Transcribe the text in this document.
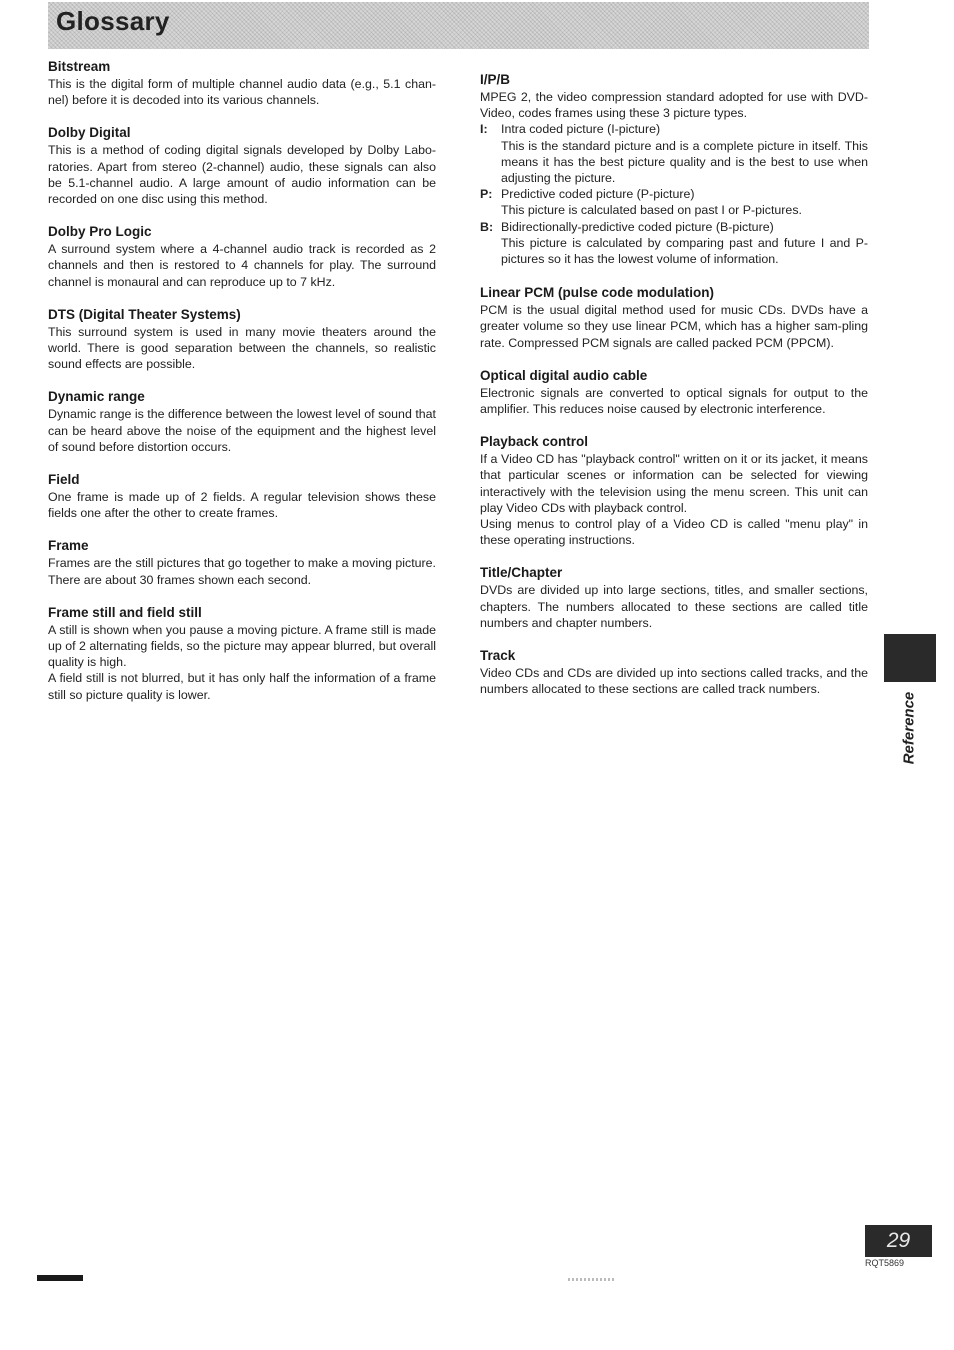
Glossary
Bitstream

This is the digital form of multiple channel audio data (e.g., 5.1 chan-nel) before it is decoded into its various channels.

Dolby Digital

This is a method of coding digital signals developed by Dolby Labo-ratories. Apart from stereo (2-channel) audio, these signals can also be 5.1-channel audio. A large amount of audio information can be recorded on one disc using this method.

Dolby Pro Logic

A surround system where a 4-channel audio track is recorded as 2 channels and then is restored to 4 channels for play. The surround channel is monaural and can reproduce up to 7 kHz.

DTS (Digital Theater Systems)

This surround system is used in many movie theaters around the world. There is good separation between the channels, so realistic sound effects are possible.

Dynamic range

Dynamic range is the difference between the lowest level of sound that can be heard above the noise of the equipment and the highest level of sound before distortion occurs.

Field

One frame is made up of 2 fields. A regular television shows these fields one after the other to create frames.

Frame

Frames are the still pictures that go together to make a moving picture. There are about 30 frames shown each second.

Frame still and field still

A still is shown when you pause a moving picture. A frame still is made up of 2 alternating fields, so the picture may appear blurred, but overall quality is high.
A field still is not blurred, but it has only half the information of a frame still so picture quality is lower.

I/P/B

MPEG 2, the video compression standard adopted for use with DVD-Video, codes frames using these 3 picture types.

I: Intra coded picture (I-picture)
This is the standard picture and is a complete picture in itself. This means it has the best picture quality and is the best to use when adjusting the picture.
P: Predictive coded picture (P-picture)
This picture is calculated based on past I or P-pictures.
B: Bidirectionally-predictive coded picture (B-picture)
This picture is calculated by comparing past and future I and P-pictures so it has the lowest volume of information.
Linear PCM (pulse code modulation)

PCM is the usual digital method used for music CDs. DVDs have a greater volume so they use linear PCM, which has a higher sam-pling rate. Compressed PCM signals are called packed PCM (PPCM).

Optical digital audio cable

Electronic signals are converted to optical signals for output to the amplifier. This reduces noise caused by electronic interference.

Playback control

If a Video CD has "playback control" written on it or its jacket, it means that particular scenes or information can be selected for viewing interactively with the television using the menu screen. This unit can play Video CDs with playback control.
Using menus to control play of a Video CD is called "menu play" in these operating instructions.

Title/Chapter

DVDs are divided up into large sections, titles, and smaller sections, chapters. The numbers allocated to these sections are called title numbers and chapter numbers.

Track

Video CDs and CDs are divided up into sections called tracks, and the numbers allocated to these sections are called track numbers.

Reference
29
RQT5869
